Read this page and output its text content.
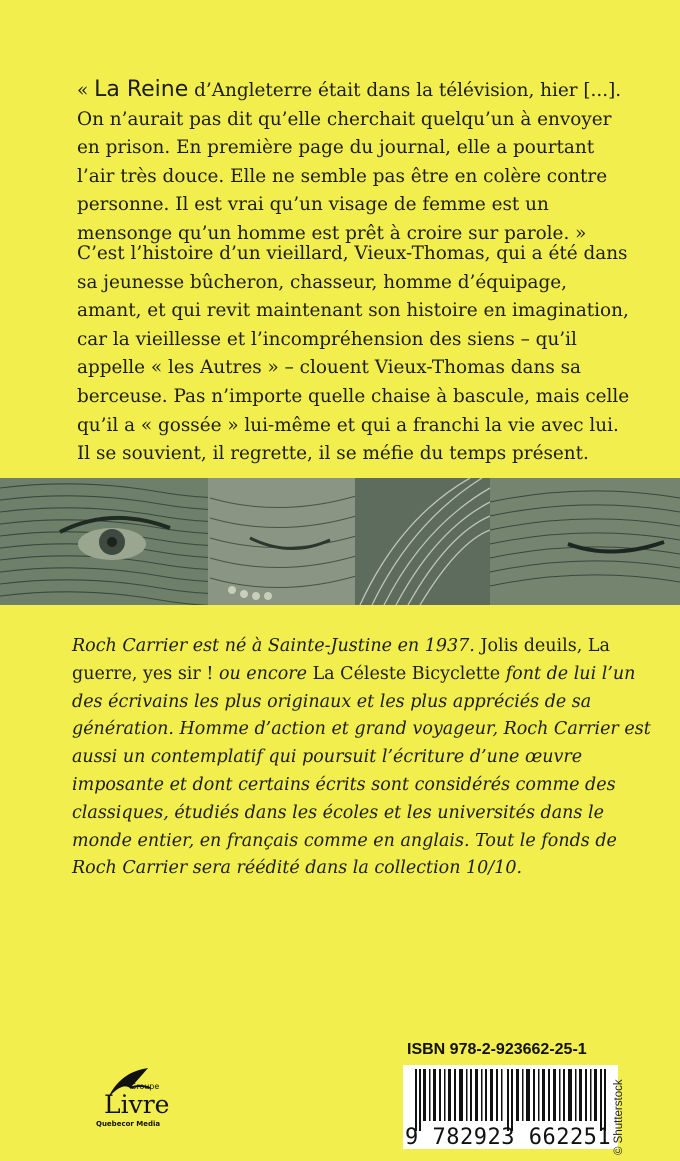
« La Reine d’Angleterre était dans la télévision, hier [...]. On n’aurait pas dit qu’elle cherchait quelqu’un à envoyer en prison. En première page du journal, elle a pourtant l’air très douce. Elle ne semble pas être en colère contre personne. Il est vrai qu’un visage de femme est un mensonge qu’un homme est prêt à croire sur parole. »

C’est l’histoire d’un vieillard, Vieux-Thomas, qui a été dans sa jeunesse bûcheron, chasseur, homme d’équipage, amant, et qui revit maintenant son histoire en imagination, car la vieillesse et l’incompréhension des siens – qu’il appelle « les Autres » – clouent Vieux-Thomas dans sa berceuse. Pas n’importe quelle chaise à bascule, mais celle qu’il a « gossée » lui-même et qui a franchi la vie avec lui. Il se souvient, il regrette, il se méfie du temps présent.

Roch Carrier est né à Sainte-Justine en 1937. Jolis deuils, La guerre, yes sir ! ou encore La Céleste Bicyclette font de lui l’un des écrivains les plus originaux et les plus appréciés de sa génération. Homme d’action et grand voyageur, Roch Carrier est aussi un contemplatif qui poursuit l’écriture d’une œuvre imposante et dont certains écrits sont considérés comme des classiques, étudiés dans les écoles et les universités dans le monde entier, en français comme en anglais. Tout le fonds de Roch Carrier sera réédité dans la collection 10/10.

Groupe
Livre
Quebecor Media
ISBN 978-2-923662-25-1
9 782923 662251 © Shutterstock
